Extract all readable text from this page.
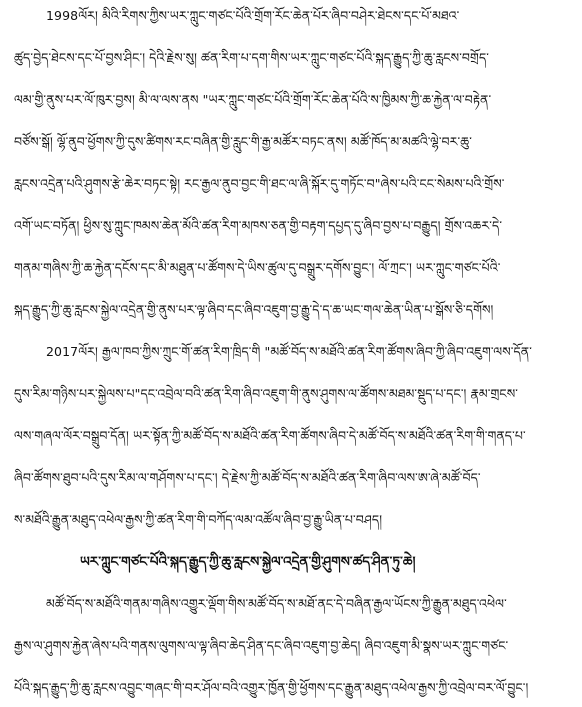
1998ལོར། མིའི་རིགས་ཀྱིས་ཡར་ཀླུང་གཙང་པོའི་གྲོག་རོང་ཆེན་པོར་ཞིབ་བཤེར་ཐེངས་དང་པོ་མཐའ་
ཚུད་བྱེད་ཐེངས་དང་པོ་བྱས་ཤིང་། དེའི་རྗེས་སུ། ཚན་རིག་པ་དག་གིས་ཡར་ཀླུང་གཙང་པོའི་སྐད་རྒྱུད་ཀྱི་ཆུ་རླངས་བགྲོད་
ལམ་གྱི་ནུས་པར་ལོ་ཁུར་བྱས། མི་ལ་ལས་ནས "ཡར་ཀླུང་གཙང་པོའི་གྲོག་རོང་ཆེན་པོའི་ས་ཁྱིམས་ཀྱི་ཆ་རྐྱེན་ལ་བརྟེན་
བཙོས་སྒོ། ལྷོ་ནུབ་ཕྱོགས་ཀྱི་དུས་ཚིགས་རང་བཞིན་གྱི་རླུང་གི་རྒྱ་མཚོར་བཏང་ནས། མཚོ་ཁོད་མ་མཚའི་ལྷེ་བར་ཆུ་
རླངས་འདྲེན་པའི་ཤུགས་རྩེ་ཆེར་བཏང་སྟེ། རང་རྒྱལ་ནུབ་བྱང་གི་ཐང་ལ་ཞི་སྐོར་དུ་གཏོང་བ"ཞེས་པའི་ངང་སེམས་པའི་གྲོས་
འགོ་ཡང་བཏོན། ཕྱིས་སུ་ཀླུང་ཁམས་ཆེན་མོའི་ཚན་རིག་མཁས་ཅན་གྱི་བརྟག་དཔྱད་དུ་ཞིབ་བྱས་པ་བརྒྱུད། གྲོས་འཆར་དེ་
གནམ་གཞིས་ཀྱི་ཆ་རྐྱེན་དངོས་དང་མི་མཐུན་པ་ཚོགས་དེ་ཡིས་ཚུལ་དུ་བསྒྲུར་དགོས་བྱུང་། ལོ་ཀྲང་། ཡར་ཀླུང་གཙང་པོའི་
སྐད་རྒྱུད་ཀྱི་ཆུ་རླངས་སྐྱེལ་འདྲེན་གྱི་ནུས་པར་ལྟ་ཞིབ་དང་ཞིབ་འཇུག་བྱ་རྒྱུ་དེ་ད་ཆ་ཡང་གལ་ཆེན་ཡིན་པ་སྒོས་ཅི་དགོས།
2017ལོར། རྒྱལ་ཁབ་ཀྱིས་ཀྲུང་གོ་ཚན་རིག་ཁྲིད་གི "མཚོ་བོད་ས་མཐོའི་ཚན་རིག་ཚོགས་ཞིབ་ཀྱི་ཞིབ་འཇུག་ལས་དོན་
དུས་རིམ་གཉིས་པར་སྐྱེལས་པ"དང་འབྲེལ་བའི་ཚན་རིག་ཞིབ་འཇུག་གི་ནུས་ཤུགས་ལ་ཚོགས་མཐམ་སྡུད་པ་དང་། རྣམ་གྲངས་
ལས་གཞལ་ལོར་བསྒྲུབ་དོན། ཡར་སྟོན་ཀྱི་མཚོ་བོད་ས་མཐོའི་ཚན་རིག་ཚོགས་ཞིབ་དེ་མཚོ་བོད་ས་མཐོའི་ཚན་རིག་གི་གནད་པ་
ཞིབ་ཚོགས་ཐུབ་པའི་དུས་རིམ་ལ་གཤོགས་པ་དང་། དེ་རྗེས་ཀྱི་མཚོ་བོད་ས་མཐོའི་ཚན་རིག་ཞིབ་ལས་ཨ་ཞེ་མཚོ་བོད་
ས་མཐོའི་རྒྱུན་མཐུད་འཕེལ་རྒྱས་ཀྱི་ཚན་རིག་གི་བཀོད་ལམ་འཚོལ་ཞིབ་བྱ་རྒྱུ་ཡིན་པ་བཤད།
ཡར་ཀླུང་གཙང་པོའི་སྐད་རྒྱུད་ཀྱི་ཆུ་རླངས་སྐྱེལ་འདྲེན་གྱི་ཤུགས་ཚད་ཤིན་ཏུ་ཆེ།
མཚོ་བོད་ས་མཐོའི་གནམ་གཞིས་འགྱུར་ལྡོག་གིས་མཚོ་བོད་ས་མཐོ་ནང་དེ་བཞིན་རྒྱལ་ཡོངས་ཀྱི་རྒྱུན་མཐུད་འཕེལ་
རྒྱས་ལ་ཤུགས་རྐྱེན་ཞེས་པའི་གནས་ལུགས་ལ་ལྟ་ཞིབ་ཆེད་ཤིན་དང་ཞིབ་འཇུག་བྱ་ཆེད། ཞིབ་འཇུག་མི་སྣས་ཡར་ཀླུང་གཙང་
པོའི་སྐད་རྒྱུད་ཀྱི་ཆུ་རླངས་འབྱུང་གཞང་གི་བར་ཤོལ་བའི་འགྱུར་ཁྱོན་གྱི་ཕྱོགས་དང་རྒྱུན་མཐུད་འཕེལ་རྒྱས་ཀྱི་འབྲེལ་བར་ལོ་བྱུང་།
